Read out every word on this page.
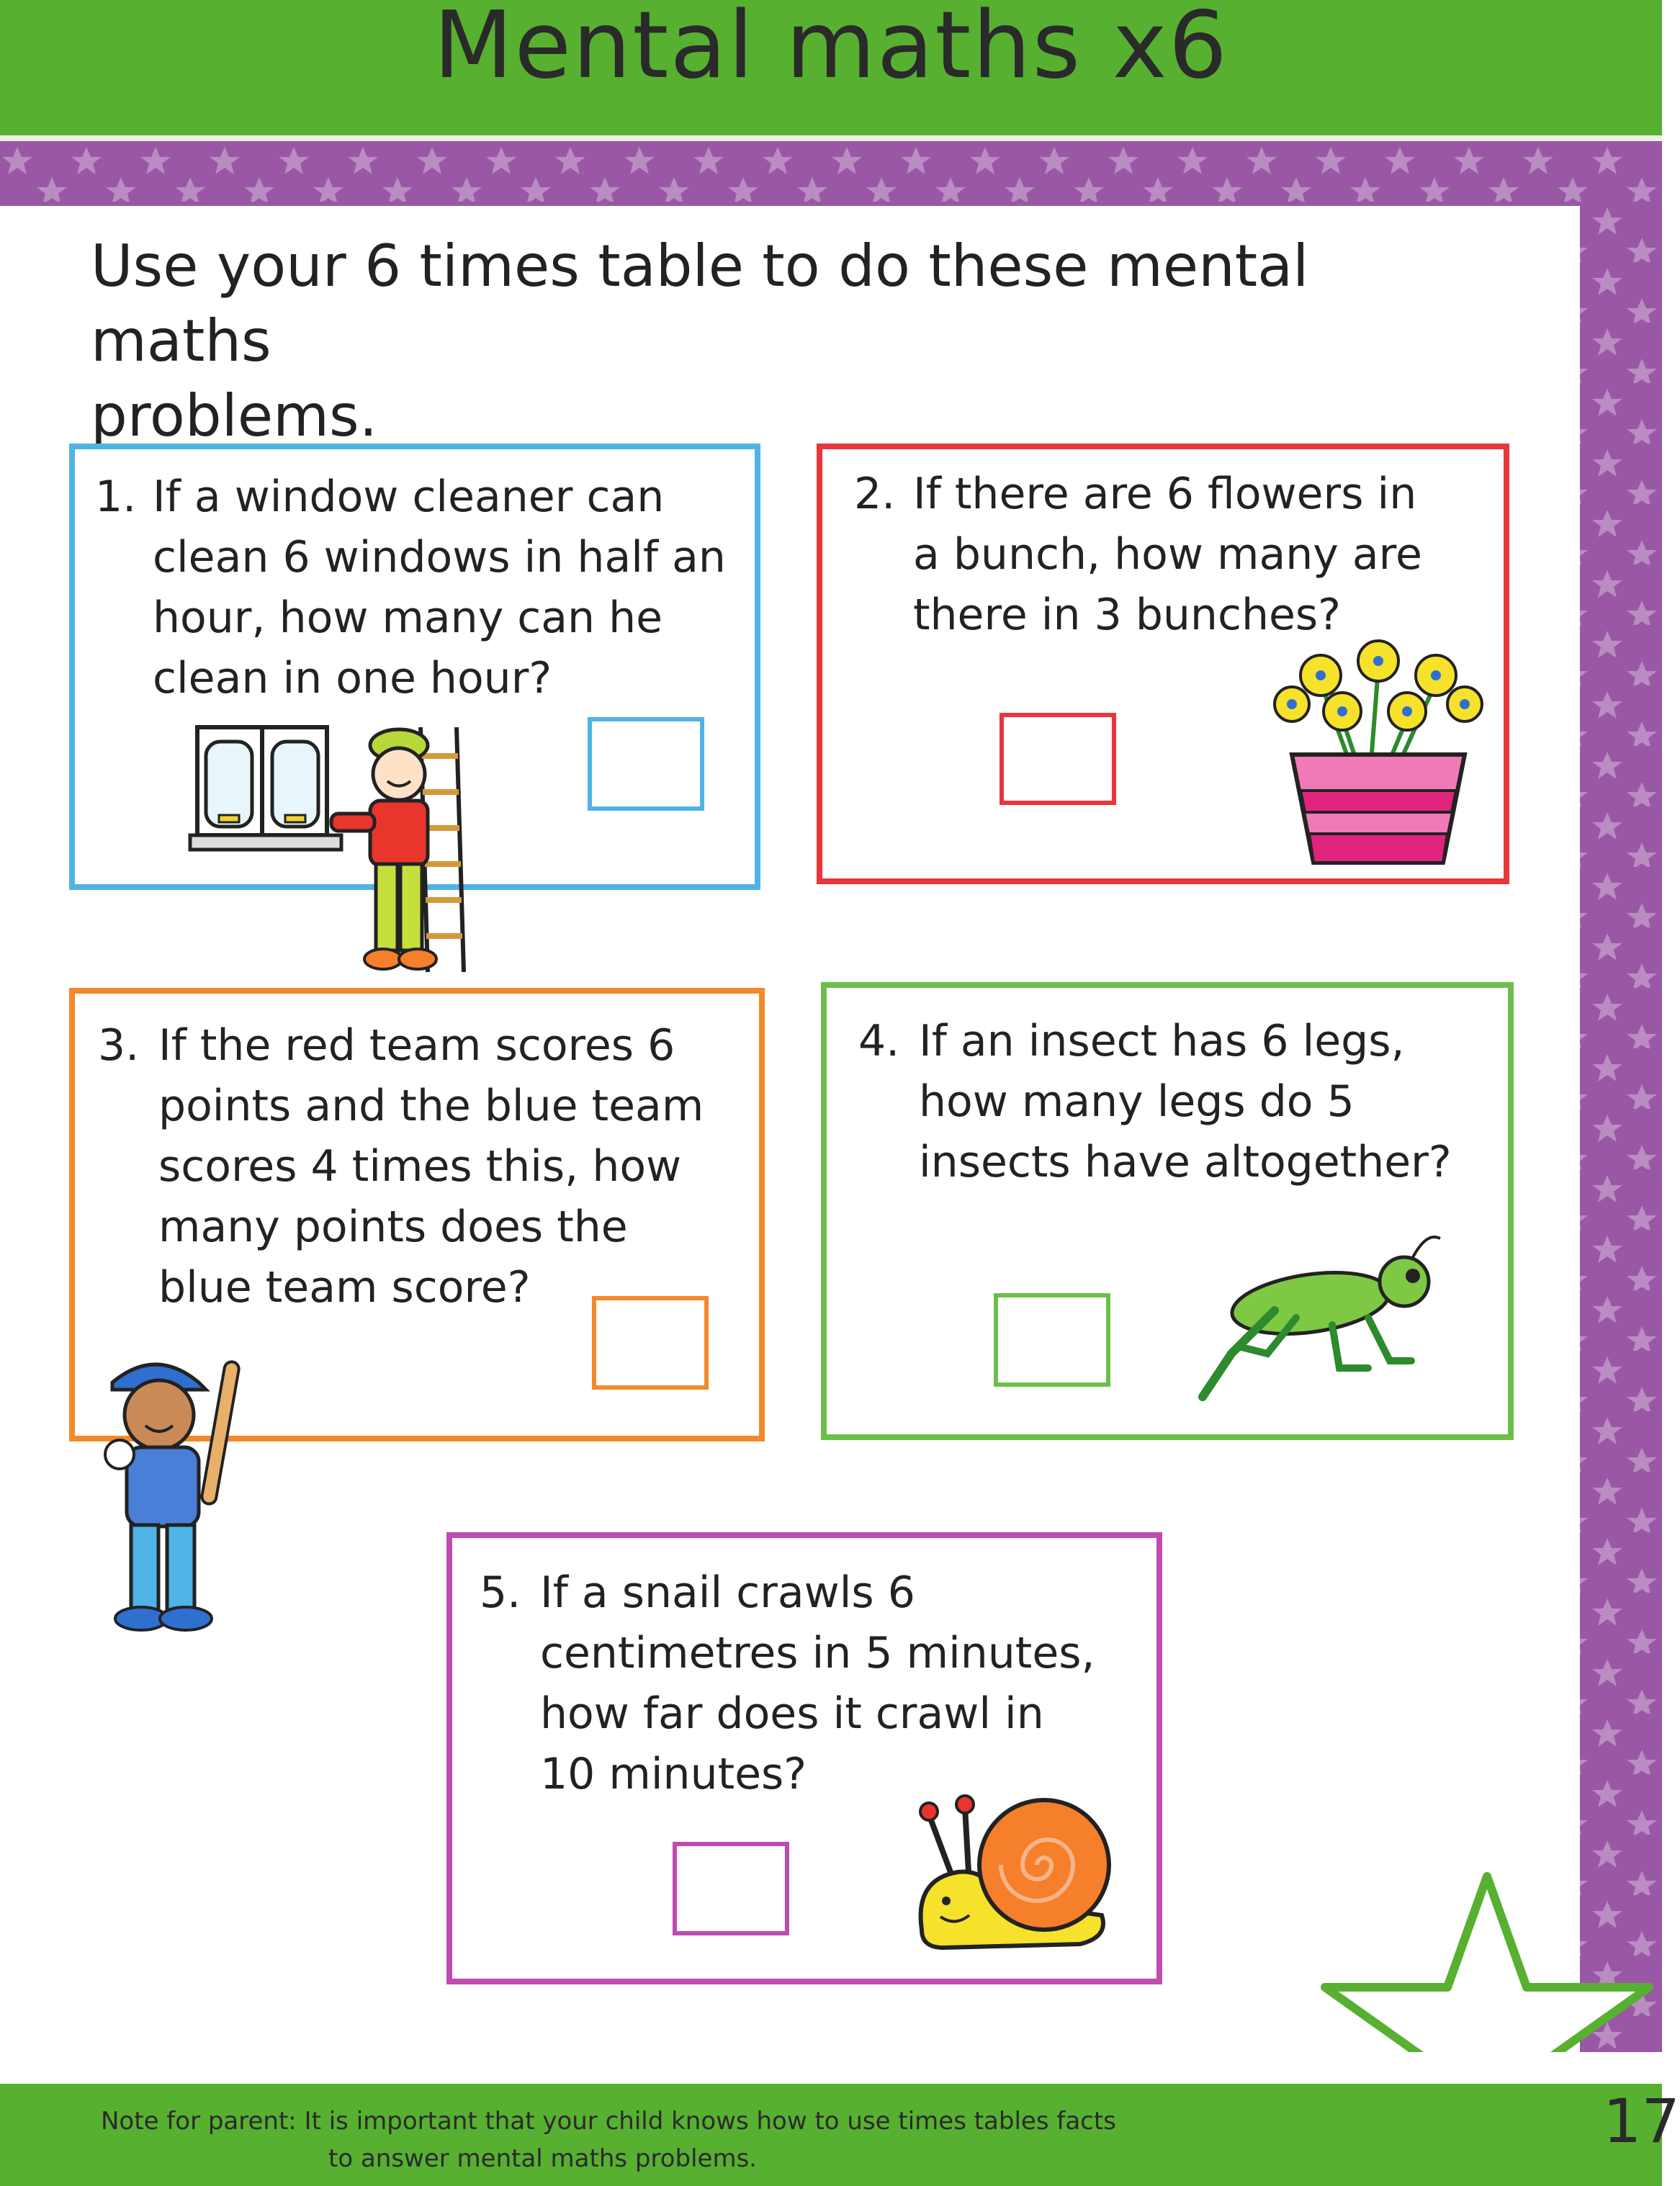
Mental maths x6
Use your 6 times table to do these mental maths
problems.
1. If a window cleaner can
clean 6 windows in half an
hour, how many can he
clean in one hour?
2. If there are 6 flowers in
a bunch, how many are
there in 3 bunches?
3. If the red team scores 6
points and the blue team
scores 4 times this, how
many points does the
blue team score?
4. If an insect has 6 legs,
how many legs do 5
insects have altogether?
5. If a snail crawls 6
centimetres in 5 minutes,
how far does it crawl in
10 minutes?
Note for parent: It is important that your child knows how to use times tables facts
to answer mental maths problems.
17
